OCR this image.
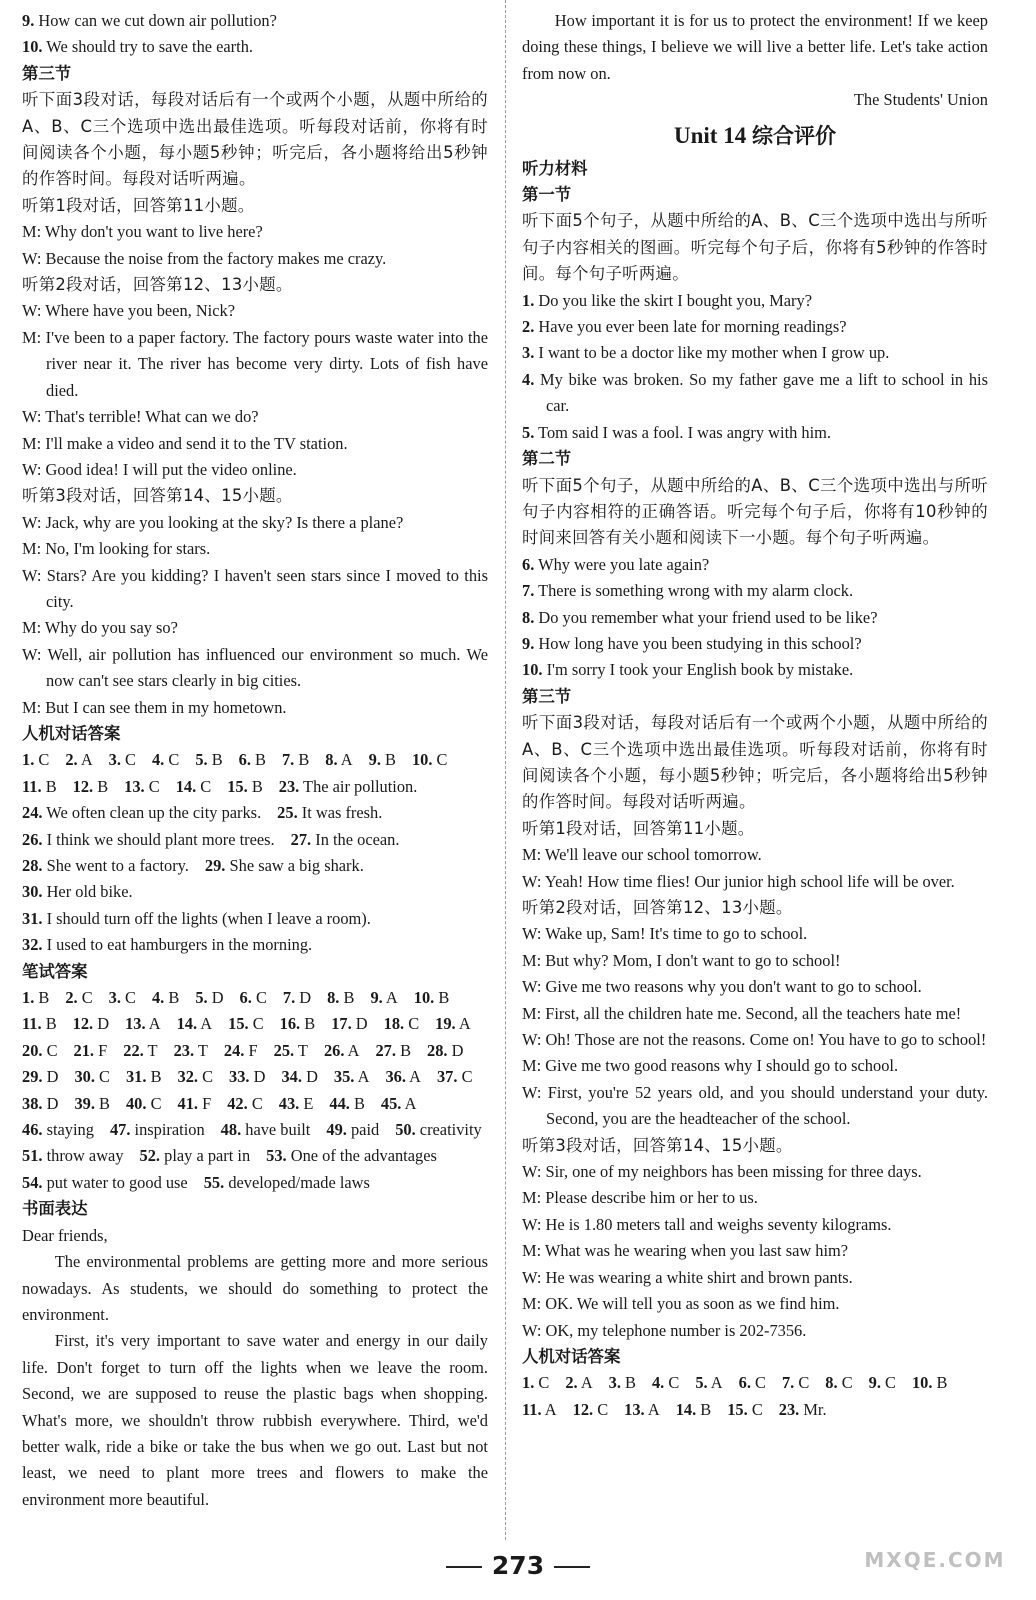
9. How can we cut down air pollution?
10. We should try to save the earth.
第三节
听下面3段对话，每段对话后有一个或两个小题，从题中所给的A、B、C三个选项中选出最佳选项。听每段对话前，你将有时间阅读各个小题，每小题5秒钟；听完后，各小题将给出5秒钟的作答时间。每段对话听两遍。
听第1段对话，回答第11小题。
M: Why don't you want to live here?
W: Because the noise from the factory makes me crazy.
听第2段对话，回答第12、13小题。
W: Where have you been, Nick?
M: I've been to a paper factory. The factory pours waste water into the river near it. The river has become very dirty. Lots of fish have died.
W: That's terrible! What can we do?
M: I'll make a video and send it to the TV station.
W: Good idea! I will put the video online.
听第3段对话，回答第14、15小题。
W: Jack, why are you looking at the sky? Is there a plane?
M: No, I'm looking for stars.
W: Stars? Are you kidding? I haven't seen stars since I moved to this city.
M: Why do you say so?
W: Well, air pollution has influenced our environment so much. We now can't see stars clearly in big cities.
M: But I can see them in my hometown.
人机对话答案
1. C 2. A 3. C 4. C 5. B 6. B 7. B 8. A 9. B 10. C
11. B 12. B 13. C 14. C 15. B 23. The air pollution.
24. We often clean up the city parks. 25. It was fresh.
26. I think we should plant more trees. 27. In the ocean.
28. She went to a factory. 29. She saw a big shark.
30. Her old bike.
31. I should turn off the lights (when I leave a room).
32. I used to eat hamburgers in the morning.
笔试答案
1. B 2. C 3. C 4. B 5. D 6. C 7. D 8. B 9. A 10. B
11. B 12. D 13. A 14. A 15. C 16. B 17. D 18. C 19. A
20. C 21. F 22. T 23. T 24. F 25. T 26. A 27. B 28. D
29. D 30. C 31. B 32. C 33. D 34. D 35. A 36. A 37. C
38. D 39. B 40. C 41. F 42. C 43. E 44. B 45. A
46. staying 47. inspiration 48. have built 49. paid 50. creativity
51. throw away 52. play a part in 53. One of the advantages
54. put water to good use 55. developed/made laws
书面表达
Dear friends,
The environmental problems are getting more and more serious nowadays. As students, we should do something to protect the environment.
First, it's very important to save water and energy in our daily life. Don't forget to turn off the lights when we leave the room. Second, we are supposed to reuse the plastic bags when shopping. What's more, we shouldn't throw rubbish everywhere. Third, we'd better walk, ride a bike or take the bus when we go out. Last but not least, we need to plant more trees and flowers to make the environment more beautiful.
How important it is for us to protect the environment! If we keep doing these things, I believe we will live a better life. Let's take action from now on.
The Students' Union
Unit 14 综合评价
听力材料
第一节
听下面5个句子，从题中所给的A、B、C三个选项中选出与所听句子内容相关的图画。听完每个句子后，你将有5秒钟的作答时间。每个句子听两遍。
1. Do you like the skirt I bought you, Mary?
2. Have you ever been late for morning readings?
3. I want to be a doctor like my mother when I grow up.
4. My bike was broken. So my father gave me a lift to school in his car.
5. Tom said I was a fool. I was angry with him.
第二节
听下面5个句子，从题中所给的A、B、C三个选项中选出与所听句子内容相符的正确答语。听完每个句子后，你将有10秒钟的时间来回答有关小题和阅读下一小题。每个句子听两遍。
6. Why were you late again?
7. There is something wrong with my alarm clock.
8. Do you remember what your friend used to be like?
9. How long have you been studying in this school?
10. I'm sorry I took your English book by mistake.
第三节
听下面3段对话，每段对话后有一个或两个小题，从题中所给的A、B、C三个选项中选出最佳选项。听每段对话前，你将有时间阅读各个小题，每小题5秒钟；听完后，各小题将给出5秒钟的作答时间。每段对话听两遍。
听第1段对话，回答第11小题。
M: We'll leave our school tomorrow.
W: Yeah! How time flies! Our junior high school life will be over.
听第2段对话，回答第12、13小题。
W: Wake up, Sam! It's time to go to school.
M: But why? Mom, I don't want to go to school!
W: Give me two reasons why you don't want to go to school.
M: First, all the children hate me. Second, all the teachers hate me!
W: Oh! Those are not the reasons. Come on! You have to go to school!
M: Give me two good reasons why I should go to school.
W: First, you're 52 years old, and you should understand your duty. Second, you are the headteacher of the school.
听第3段对话，回答第14、15小题。
W: Sir, one of my neighbors has been missing for three days.
M: Please describe him or her to us.
W: He is 1.80 meters tall and weighs seventy kilograms.
M: What was he wearing when you last saw him?
W: He was wearing a white shirt and brown pants.
M: OK. We will tell you as soon as we find him.
W: OK, my telephone number is 202-7356.
人机对话答案
1. C 2. A 3. B 4. C 5. A 6. C 7. C 8. C 9. C 10. B
11. A 12. C 13. A 14. B 15. C 23. Mr.
273	MXQE.COM
